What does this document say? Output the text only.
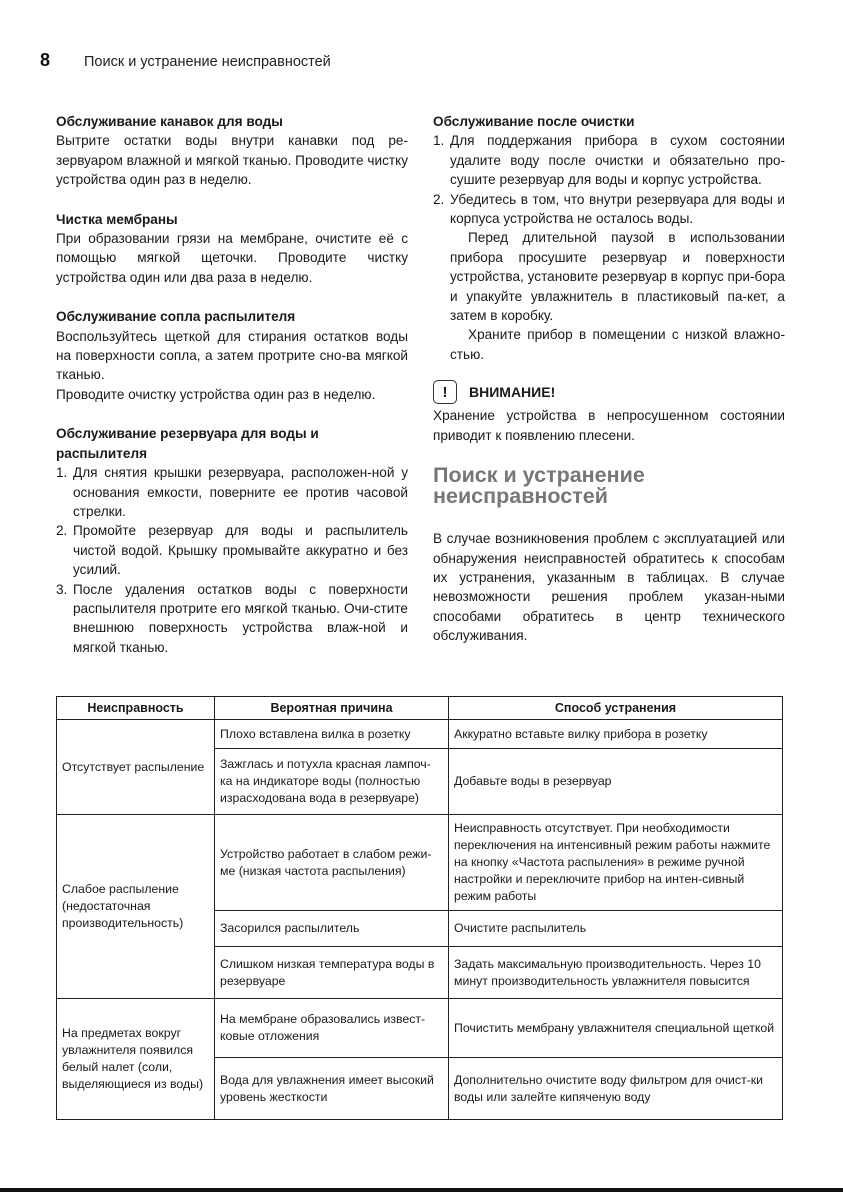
8	Поиск и устранение неисправностей

Обслуживание канавок для воды

Вытрите остатки воды внутри канавки под ре-зервуаром влажной и мягкой тканью. Проводите чистку устройства один раз в неделю.

Чистка мембраны

При образовании грязи на мембране, очистите её с помощью мягкой щеточки. Проводите чистку устройства один или два раза в неделю.

Обслуживание сопла распылителя

Воспользуйтесь щеткой для стирания остатков воды на поверхности сопла, а затем протрите сно-ва мягкой тканью.

Проводите очистку устройства один раз в неделю.

Обслуживание резервуара для воды и распылителя

1. Для снятия крышки резервуара, расположен-ной у основания емкости, поверните ее против часовой стрелки.
2. Промойте резервуар для воды и распылитель чистой водой. Крышку промывайте аккуратно и без усилий.
3. После удаления остатков воды с поверхности распылителя протрите его мягкой тканью. Очи-стите внешнюю поверхность устройства влаж-ной и мягкой тканью.

Обслуживание после очистки

1. Для поддержания прибора в сухом состоянии удалите воду после очистки и обязательно про-сушите резервуар для воды и корпус устройства.
2. Убедитесь в том, что внутри резервуара для воды и корпуса устройства не осталось воды.

Перед длительной паузой в использовании прибора просушите резервуар и поверхности устройства, установите резервуар в корпус при-бора и упакуйте увлажнитель в пластиковый па-кет, а затем в коробку.

Храните прибор в помещении с низкой влажно-стью.

!	ВНИМАНИЕ!

Хранение устройства в непросушенном состоянии приводит к появлению плесени.

Поиск и устранение
неисправностей

В случае возникновения проблем с эксплуатацией или обнаружения неисправностей обратитесь к способам их устранения, указанным в таблицах. В случае невозможности решения проблем указан-ными способами обратитесь в центр технического обслуживания.

Неисправность	Вероятная причина	Способ устранения
Отсутствует распыление	Плохо вставлена вилка в розетку	Аккуратно вставьте вилку прибора в розетку
	Зажглась и потухла красная лампоч-ка на индикаторе воды (полностью израсходована вода в резервуаре)	Добавьте воды в резервуар
Слабое распыление (недостаточная производительность)	Устройство работает в слабом режи-ме (низкая частота распыления)	Неисправность отсутствует. При необходимости переключения на интенсивный режим работы нажмите на кнопку «Частота распыления» в режиме ручной настройки и переключите прибор на интен-сивный режим работы
	Засорился распылитель	Очистите распылитель
	Слишком низкая температура воды в резервуаре	Задать максимальную производительность. Через 10 минут производительность увлажнителя повысится
На предметах вокруг увлажнителя появился белый налет (соли, выделяющиеся из воды)	На мембране образовались извест-ковые отложения	Почистить мембрану увлажнителя специальной щеткой
	Вода для увлажнения имеет высокий уровень жесткости	Дополнительно очистите воду фильтром для очист-ки воды или залейте кипяченую воду
